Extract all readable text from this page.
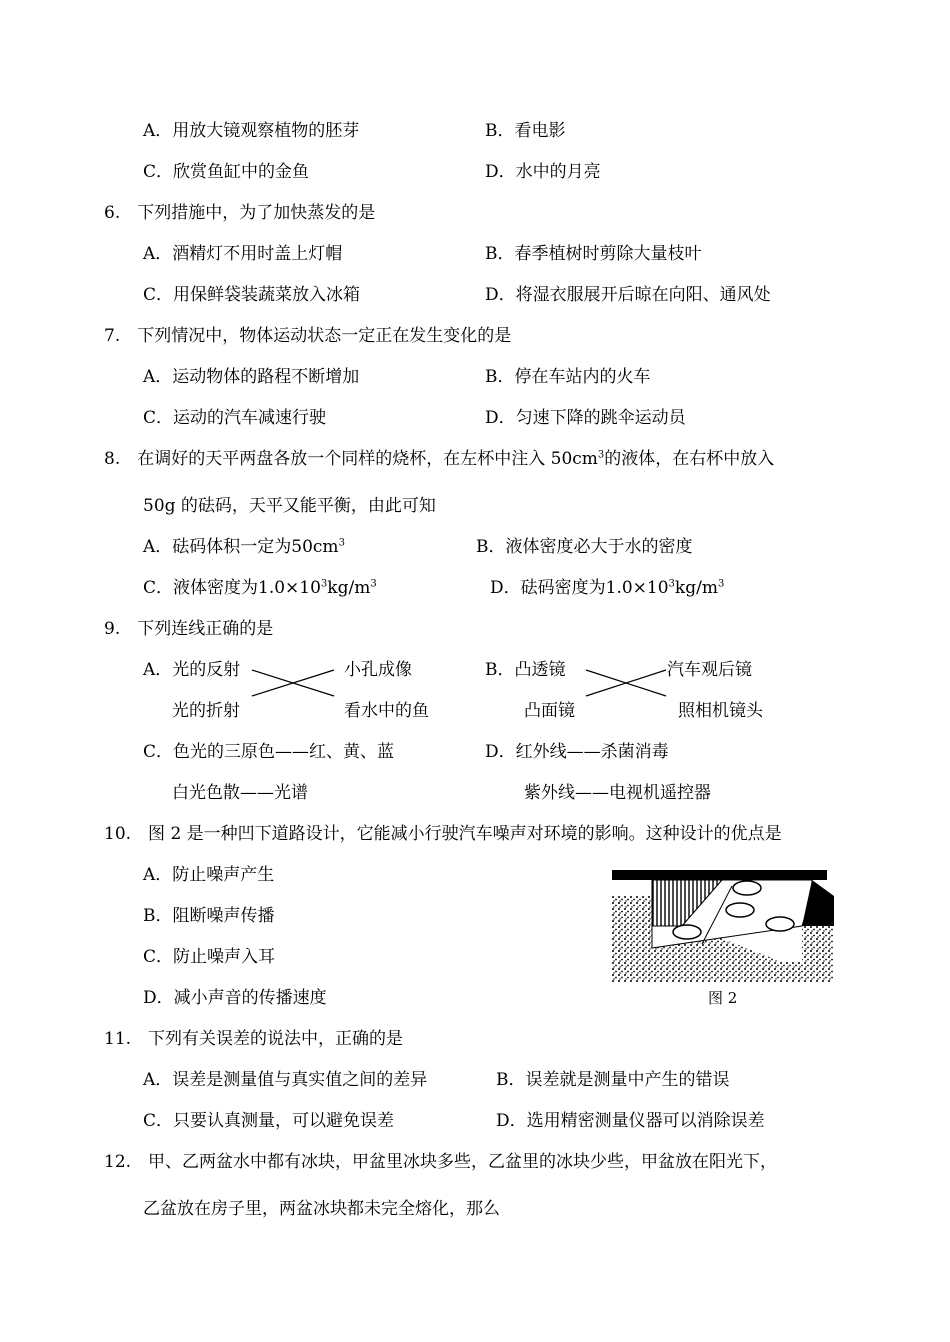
A．用放大镜观察植物的胚芽	B．看电影
C．欣赏鱼缸中的金鱼	D．水中的月亮
6.　下列措施中，为了加快蒸发的是
A．酒精灯不用时盖上灯帽	B．春季植树时剪除大量枝叶
C．用保鲜袋装蔬菜放入冰箱	D．将湿衣服展开后晾在向阳、通风处
7.　下列情况中，物体运动状态一定正在发生变化的是
A．运动物体的路程不断增加	B．停在车站内的火车
C．运动的汽车减速行驶	D．匀速下降的跳伞运动员
8.　在调好的天平两盘各放一个同样的烧杯，在左杯中注入 $50cm^3$的液体，在右杯中放入
50g 的砝码，天平又能平衡，由此可知
A．砝码体积一定为$50cm^3$	B．液体密度必大于水的密度
C．液体密度为$1.0\times 10^3kg/m^3$	D．砝码密度为$1.0\times 10^3kg/m^3$
9.　下列连线正确的是
A．光的反射	小孔成像
光的折射	看水中的鱼
B．凸透镜	汽车观后镜
凸面镜	照相机镜头
C．色光的三原色——红、黄、蓝
白光色散——光谱
D．红外线——杀菌消毒
紫外线——电视机遥控器
10.　图 2 是一种凹下道路设计，它能减小行驶汽车噪声对环境的影响。这种设计的优点是
A．防止噪声产生
B．阻断噪声传播
C．防止噪声入耳
D．减小声音的传播速度	图 2
11.　下列有关误差的说法中，正确的是
A．误差是测量值与真实值之间的差异	B．误差就是测量中产生的错误
C．只要认真测量，可以避免误差	D．选用精密测量仪器可以消除误差
12.　甲、乙两盆水中都有冰块，甲盆里冰块多些，乙盆里的冰块少些，甲盆放在阳光下，
乙盆放在房子里，两盆冰块都未完全熔化，那么
